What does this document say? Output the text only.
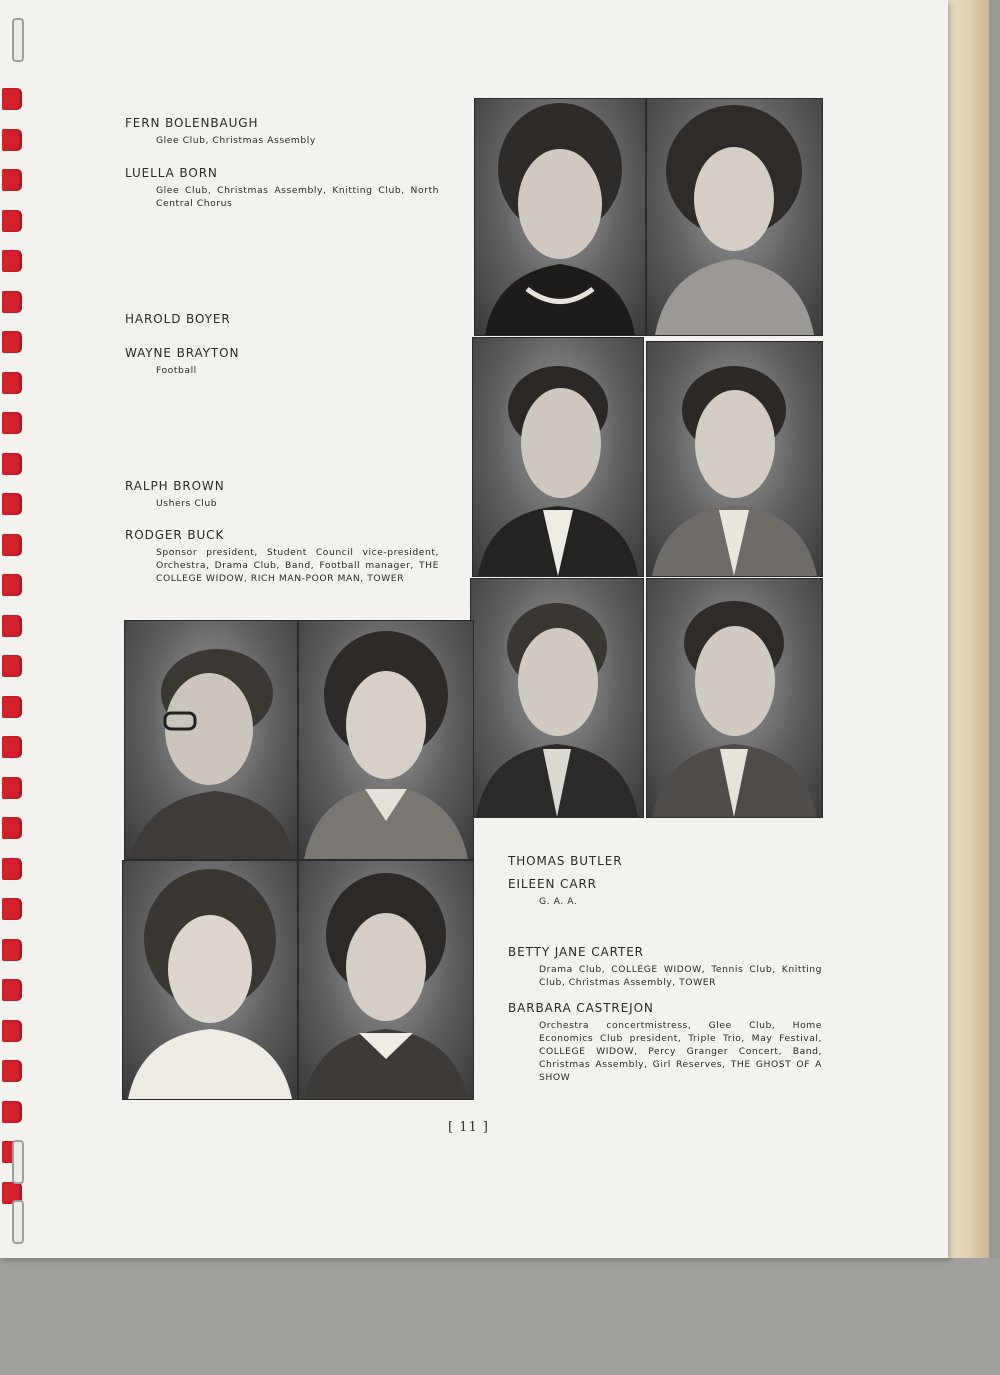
FERN BOLENBAUGH
Glee Club, Christmas Assembly
LUELLA BORN
Glee Club, Christmas Assembly, Knitting Club, North Central Chorus
HAROLD BOYER
WAYNE BRAYTON
Football
RALPH BROWN
Ushers Club
RODGER BUCK
Sponsor president, Student Council vice-president, Orchestra, Drama Club, Band, Football manager, THE COLLEGE WIDOW, RICH MAN-POOR MAN, TOWER
THOMAS BUTLER
EILEEN CARR
G. A. A.
BETTY JANE CARTER
Drama Club, COLLEGE WIDOW, Tennis Club, Knitting Club, Christmas Assembly, TOWER
BARBARA CASTREJON
Orchestra concertmistress, Glee Club, Home Economics Club president, Triple Trio, May Festival, COLLEGE WIDOW, Percy Granger Concert, Band, Christmas Assembly, Girl Reserves, THE GHOST OF A SHOW
[ 11 ]
